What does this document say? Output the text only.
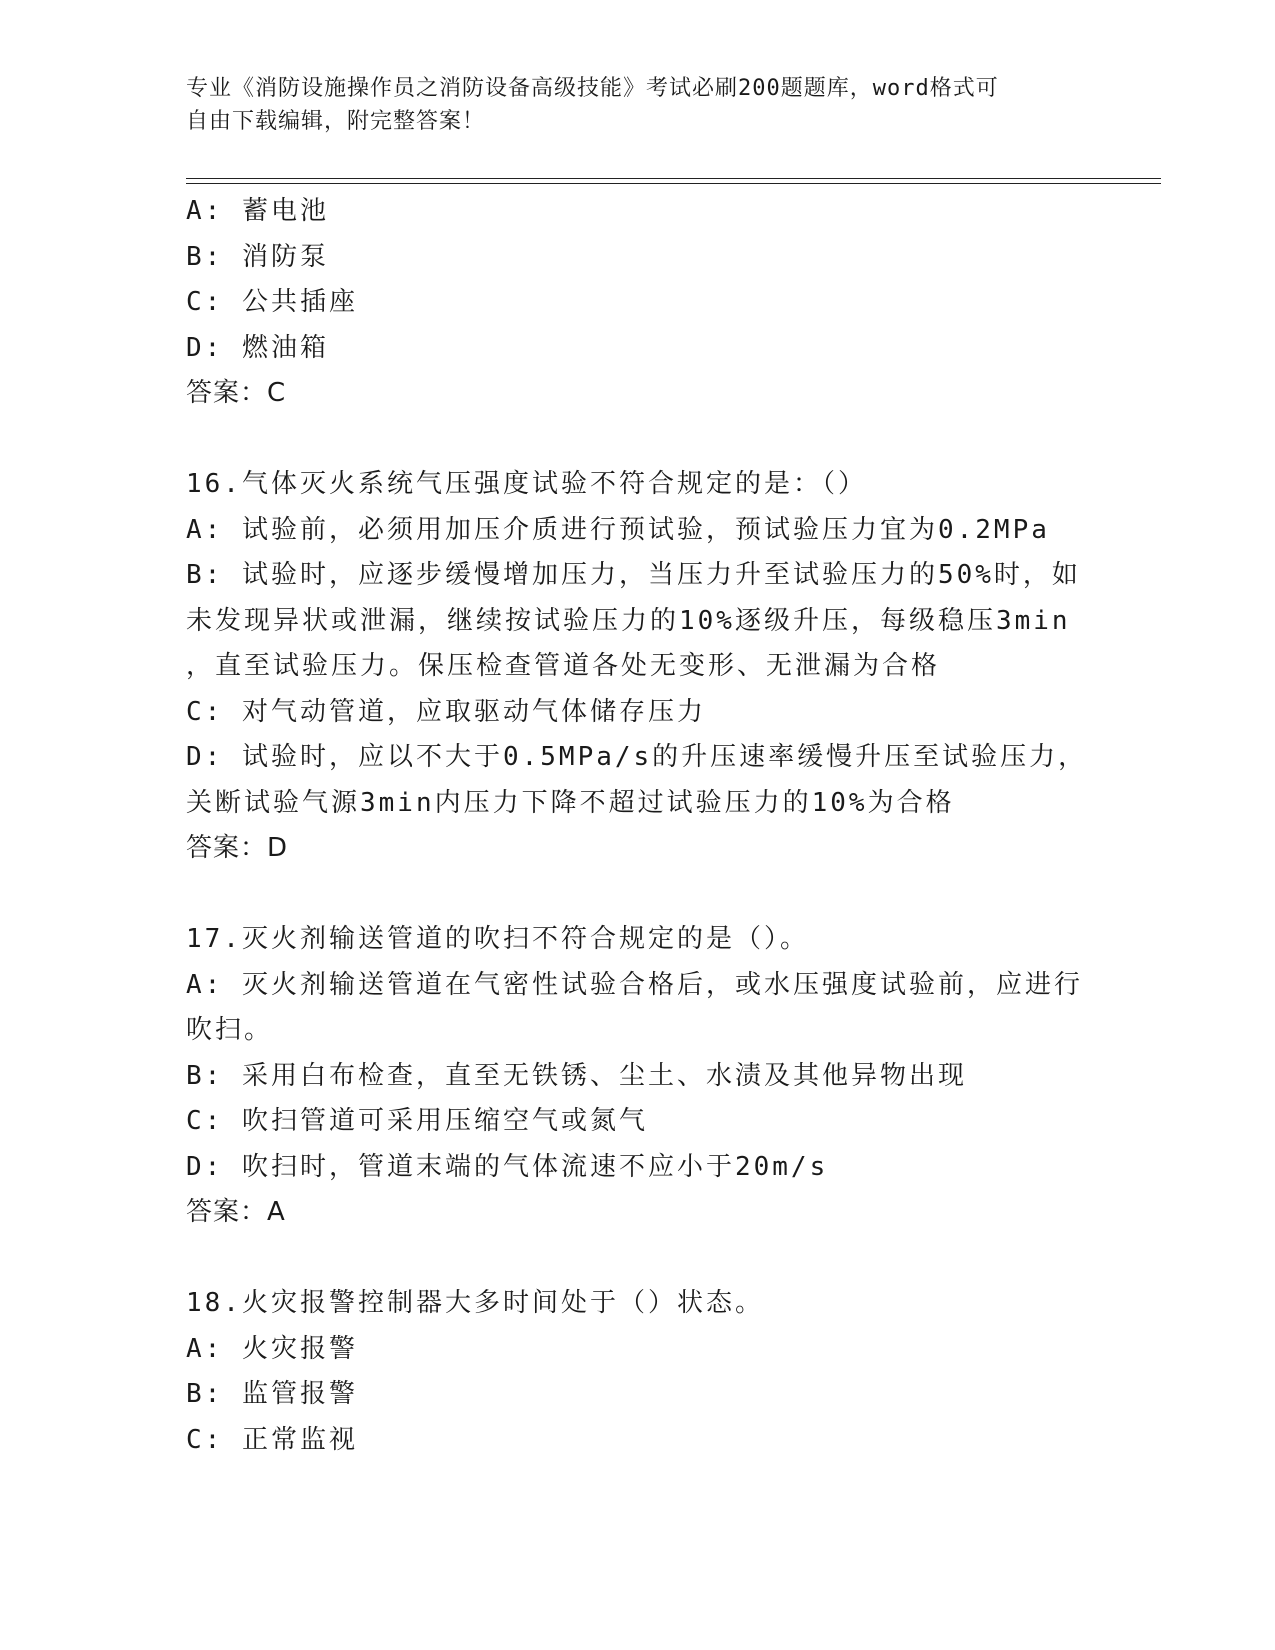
专业《消防设施操作员之消防设备高级技能》考试必刷200题题库，word格式可
自由下载编辑，附完整答案！
A: 蓄电池
B: 消防泵
C: 公共插座
D: 燃油箱
答案：C
16.气体灭火系统气压强度试验不符合规定的是：（）
A: 试验前，必须用加压介质进行预试验，预试验压力宜为0.2MPa
B: 试验时，应逐步缓慢增加压力，当压力升至试验压力的50%时，如
未发现异状或泄漏，继续按试验压力的10%逐级升压，每级稳压3min
，直至试验压力。保压检查管道各处无变形、无泄漏为合格
C: 对气动管道，应取驱动气体储存压力
D: 试验时，应以不大于0.5MPa/s的升压速率缓慢升压至试验压力，
关断试验气源3min内压力下降不超过试验压力的10%为合格
答案：D
17.灭火剂输送管道的吹扫不符合规定的是（）。
A: 灭火剂输送管道在气密性试验合格后，或水压强度试验前，应进行
吹扫。
B: 采用白布检查，直至无铁锈、尘土、水渍及其他异物出现
C: 吹扫管道可采用压缩空气或氮气
D: 吹扫时，管道末端的气体流速不应小于20m/s
答案：A
18.火灾报警控制器大多时间处于（）状态。
A: 火灾报警
B: 监管报警
C: 正常监视
